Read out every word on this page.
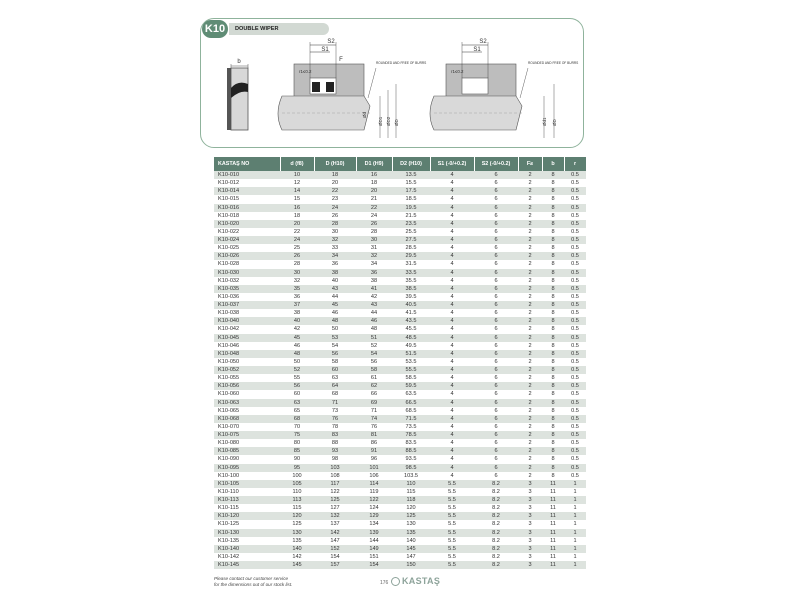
K10	DOUBLE WIPER
b
S2
S1
F
r1≤0.2
ROUNDED AND FREE OF BURRS
Ød
ØD1 ØD2 ØD
S2
S1
r1≤0.2
ROUNDED AND FREE OF BURRS
Ød1 ØD
KASTAŞ NO	d (f8)	D (H10)	D1 (H9)	D2 (H10)	S1 (-0/+0.2)	S2 (-0/+0.2)	F≥	b	r
K10-010	10	18	16	13.5	4	6	2	8	0.5
K10-012	12	20	18	15.5	4	6	2	8	0.5
K10-014	14	22	20	17.5	4	6	2	8	0.5
K10-015	15	23	21	18.5	4	6	2	8	0.5
K10-016	16	24	22	19.5	4	6	2	8	0.5
K10-018	18	26	24	21.5	4	6	2	8	0.5
K10-020	20	28	26	23.5	4	6	2	8	0.5
K10-022	22	30	28	25.5	4	6	2	8	0.5
K10-024	24	32	30	27.5	4	6	2	8	0.5
K10-025	25	33	31	28.5	4	6	2	8	0.5
K10-026	26	34	32	29.5	4	6	2	8	0.5
K10-028	28	36	34	31.5	4	6	2	8	0.5
K10-030	30	38	36	33.5	4	6	2	8	0.5
K10-032	32	40	38	35.5	4	6	2	8	0.5
K10-035	35	43	41	38.5	4	6	2	8	0.5
K10-036	36	44	42	39.5	4	6	2	8	0.5
K10-037	37	45	43	40.5	4	6	2	8	0.5
K10-038	38	46	44	41.5	4	6	2	8	0.5
K10-040	40	48	46	43.5	4	6	2	8	0.5
K10-042	42	50	48	45.5	4	6	2	8	0.5
K10-045	45	53	51	48.5	4	6	2	8	0.5
K10-046	46	54	52	49.5	4	6	2	8	0.5
K10-048	48	56	54	51.5	4	6	2	8	0.5
K10-050	50	58	56	53.5	4	6	2	8	0.5
K10-052	52	60	58	55.5	4	6	2	8	0.5
K10-055	55	63	61	58.5	4	6	2	8	0.5
K10-056	56	64	62	59.5	4	6	2	8	0.5
K10-060	60	68	66	63.5	4	6	2	8	0.5
K10-063	63	71	69	66.5	4	6	2	8	0.5
K10-065	65	73	71	68.5	4	6	2	8	0.5
K10-068	68	76	74	71.5	4	6	2	8	0.5
K10-070	70	78	76	73.5	4	6	2	8	0.5
K10-075	75	83	81	78.5	4	6	2	8	0.5
K10-080	80	88	86	83.5	4	6	2	8	0.5
K10-085	85	93	91	88.5	4	6	2	8	0.5
K10-090	90	98	96	93.5	4	6	2	8	0.5
K10-095	95	103	101	98.5	4	6	2	8	0.5
K10-100	100	108	106	103.5	4	6	2	8	0.5
K10-105	105	117	114	110	5.5	8.2	3	11	1
K10-110	110	122	119	115	5.5	8.2	3	11	1
K10-113	113	125	122	118	5.5	8.2	3	11	1
K10-115	115	127	124	120	5.5	8.2	3	11	1
K10-120	120	132	129	125	5.5	8.2	3	11	1
K10-125	125	137	134	130	5.5	8.2	3	11	1
K10-130	130	142	139	135	5.5	8.2	3	11	1
K10-135	135	147	144	140	5.5	8.2	3	11	1
K10-140	140	152	149	145	5.5	8.2	3	11	1
K10-142	142	154	151	147	5.5	8.2	3	11	1
K10-145	145	157	154	150	5.5	8.2	3	11	1
Please contact our customer service
for the dimensions out of our stock list.	176 KASTAŞ
